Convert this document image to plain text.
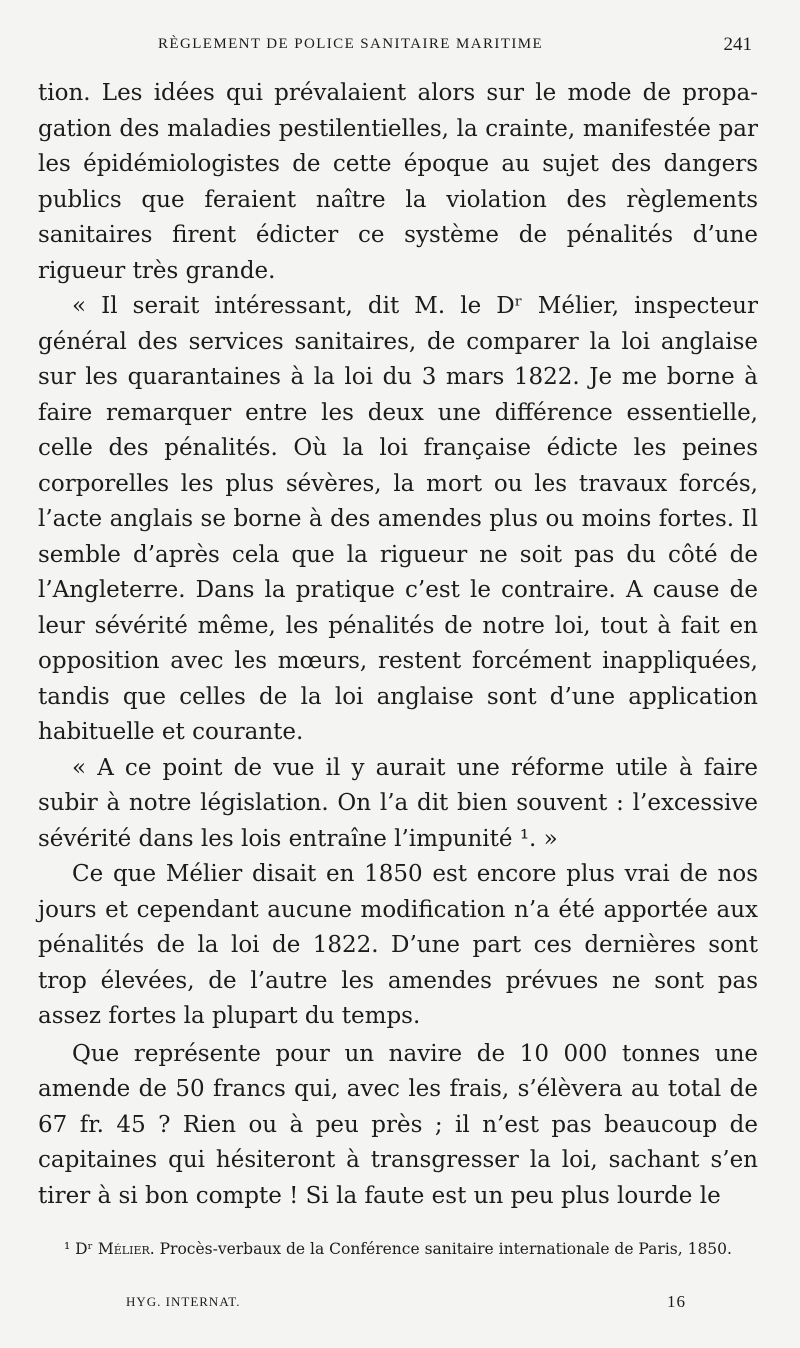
RÈGLEMENT DE POLICE SANITAIRE MARITIME	241

tion. Les idées qui prévalaient alors sur le mode de propagation des maladies pestilentielles, la crainte, manifestée par les épidémiologistes de cette époque au sujet des dangers publics que feraient naître la violation des règlements sanitaires firent édicter ce système de pénalités d’une rigueur très grande.

« Il serait intéressant, dit M. le Dʳ Mélier, inspecteur général des services sanitaires, de comparer la loi anglaise sur les quarantaines à la loi du 3 mars 1822. Je me borne à faire remarquer entre les deux une différence essentielle, celle des pénalités. Où la loi française édicte les peines corporelles les plus sévères, la mort ou les travaux forcés, l’acte anglais se borne à des amendes plus ou moins fortes. Il semble d’après cela que la rigueur ne soit pas du côté de l’Angleterre. Dans la pratique c’est le contraire. A cause de leur sévérité même, les pénalités de notre loi, tout à fait en opposition avec les mœurs, restent forcément inappliquées, tandis que celles de la loi anglaise sont d’une application habituelle et courante.

« A ce point de vue il y aurait une réforme utile à faire subir à notre législation. On l’a dit bien souvent : l’excessive sévérité dans les lois entraîne l’impunité ¹. »

Ce que Mélier disait en 1850 est encore plus vrai de nos jours et cependant aucune modification n’a été apportée aux pénalités de la loi de 1822. D’une part ces dernières sont trop élevées, de l’autre les amendes prévues ne sont pas assez fortes la plupart du temps.

Que représente pour un navire de 10 000 tonnes une amende de 50 francs qui, avec les frais, s’élèvera au total de 67 fr. 45 ? Rien ou à peu près ; il n’est pas beaucoup de capitaines qui hésiteront à transgresser la loi, sachant s’en tirer à si bon compte ! Si la faute est un peu plus lourde le

¹ Dʳ Mélier. Procès-verbaux de la Conférence sanitaire internationale de Paris, 1850.
HYG. INTERNAT.	16
